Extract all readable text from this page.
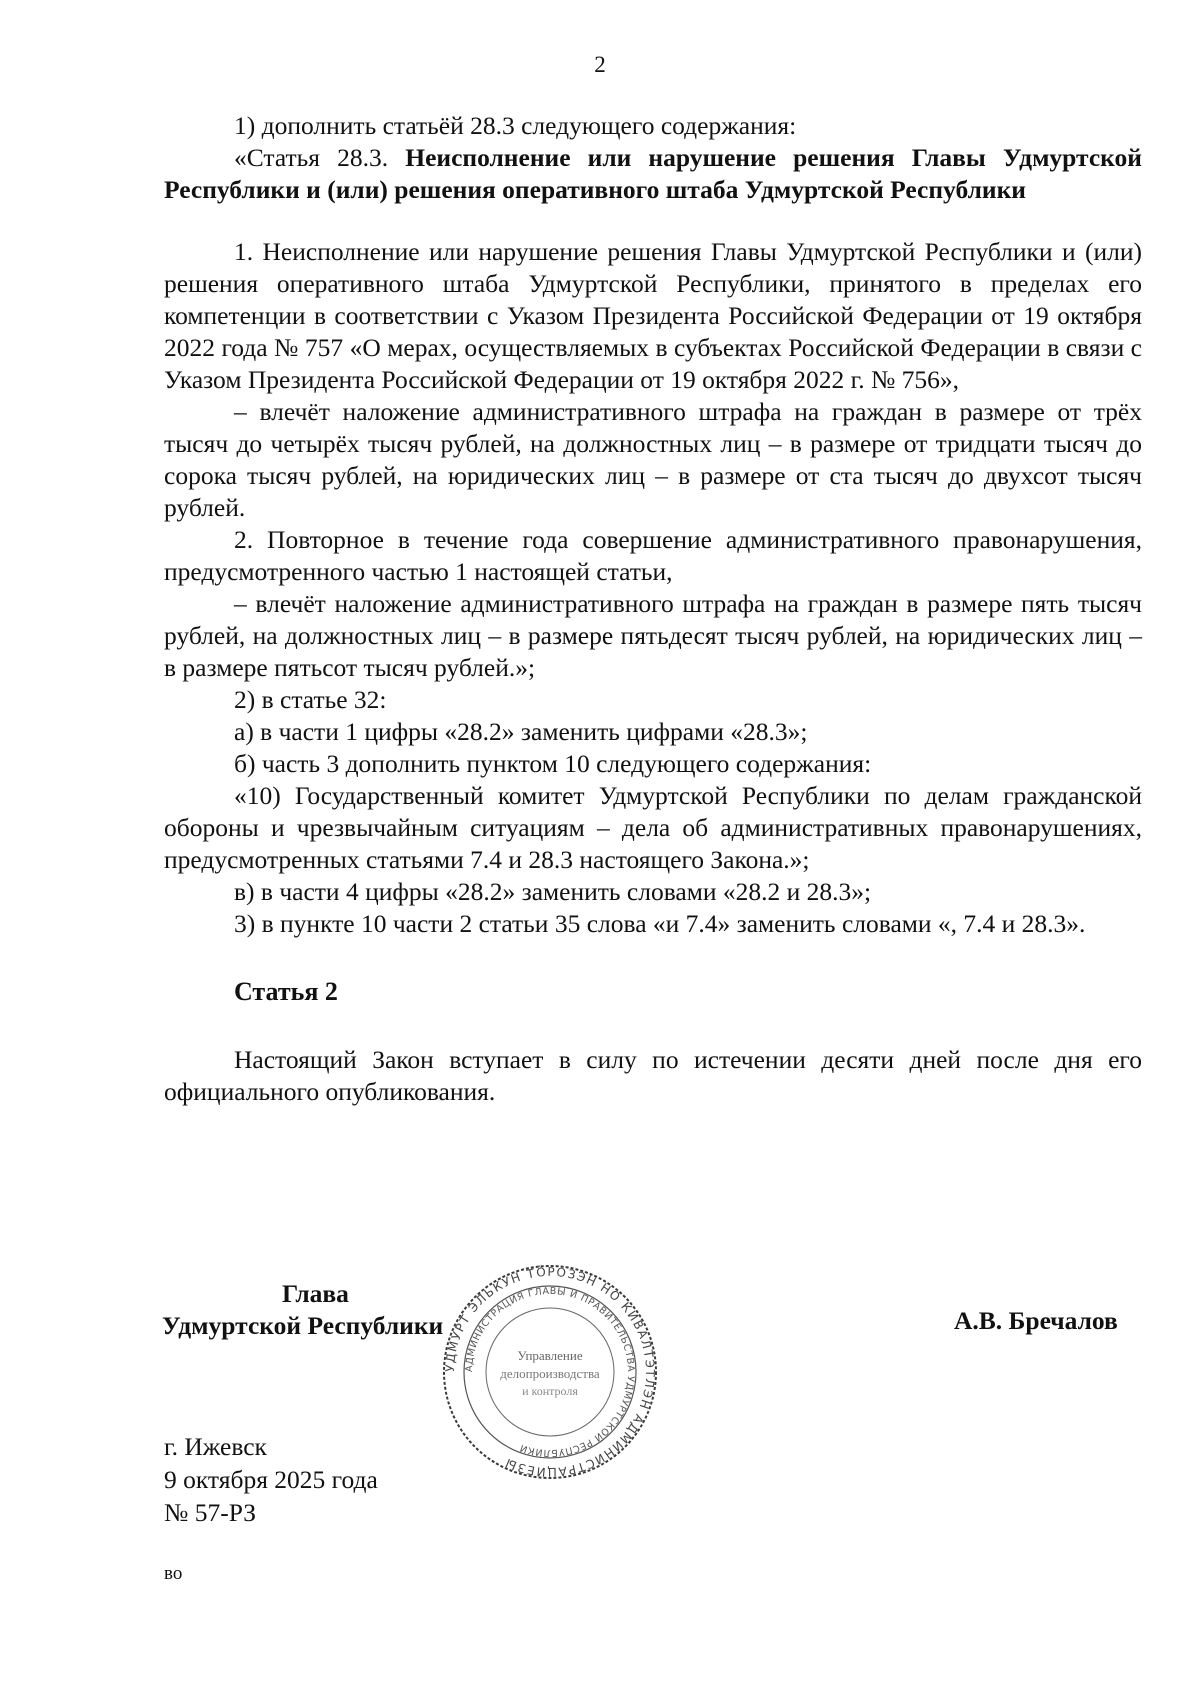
2

1) дополнить статьёй 28.3 следующего содержания:

«Статья 28.3. Неисполнение или нарушение решения Главы Удмуртской Республики и (или) решения оперативного штаба Удмуртской Республики

1. Неисполнение или нарушение решения Главы Удмуртской Республики и (или) решения оперативного штаба Удмуртской Республики, принятого в пределах его компетенции в соответствии с Указом Президента Российской Федерации от 19 октября 2022 года № 757 «О мерах, осуществляемых в субъектах Российской Федерации в связи с Указом Президента Российской Федерации от 19 октября 2022 г. № 756»,

– влечёт наложение административного штрафа на граждан в размере от трёх тысяч до четырёх тысяч рублей, на должностных лиц – в размере от тридцати тысяч до сорока тысяч рублей, на юридических лиц – в размере от ста тысяч до двухсот тысяч рублей.

2. Повторное в течение года совершение административного правонарушения, предусмотренного частью 1 настоящей статьи,

– влечёт наложение административного штрафа на граждан в размере пять тысяч рублей, на должностных лиц – в размере пятьдесят тысяч рублей, на юридических лиц – в размере пятьсот тысяч рублей.»;

2) в статье 32:

а) в части 1 цифры «28.2» заменить цифрами «28.3»;

б) часть 3 дополнить пунктом 10 следующего содержания:

«10) Государственный комитет Удмуртской Республики по делам гражданской обороны и чрезвычайным ситуациям – дела об административных правонарушениях, предусмотренных статьями 7.4 и 28.3 настоящего Закона.»;

в) в части 4 цифры «28.2» заменить словами «28.2 и 28.3»;

3) в пункте 10 части 2 статьи 35 слова «и 7.4» заменить словами «, 7.4 и 28.3».

Статья 2

Настоящий Закон вступает в силу по истечении десяти дней после дня его официального опубликования.

Глава
Удмуртской Республики	А.В. Бречалов
УДМУРТ ЭЛЬКУН ТӦРОЗЭН НО КИВАЛТЭТЛЭН АДМИНИСТРАЦИЕЗЫ
АДМИНИСТРАЦИЯ ГЛАВЫ И ПРАВИТЕЛЬСТВА УДМУРТСКОЙ РЕСПУБЛИКИ
Управление
делопроизводства
и контроля
г. Ижевск
9 октября 2025 года
№ 57-РЗ
во
